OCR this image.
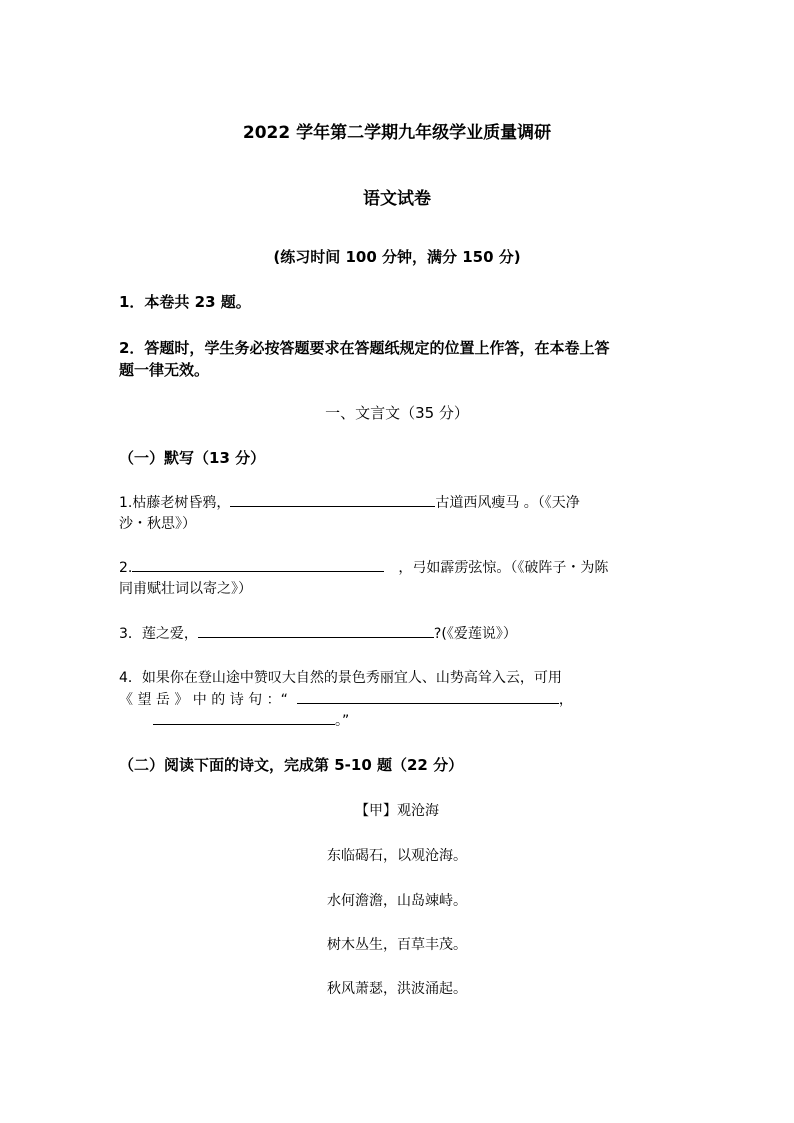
2022 学年第二学期九年级学业质量调研
语文试卷
(练习时间 100 分钟，满分 150 分)
1．本卷共 23 题。
2．答题时，学生务必按答题要求在答题纸规定的位置上作答，在本卷上答
题一律无效。
一、文言文（35 分）
（一）默写（13 分）
1.枯藤老树昏鸦，	古道西风瘦马 。（《天净
沙・秋思》）
2.	，弓如霹雳弦惊。（《破阵子・为陈
同甫赋壮词以寄之》）
3．莲之爱，	?(《爱莲说》）
4．如果你在登山途中赞叹大自然的景色秀丽宜人、山势高耸入云，可用
《 望 岳 》 中 的 诗 句 ：“	，
。”
（二）阅读下面的诗文，完成第 5-10 题（22 分）
【甲】观沧海
东临碣石，以观沧海。
水何澹澹，山岛竦峙。
树木丛生，百草丰茂。
秋风萧瑟，洪波涌起。
